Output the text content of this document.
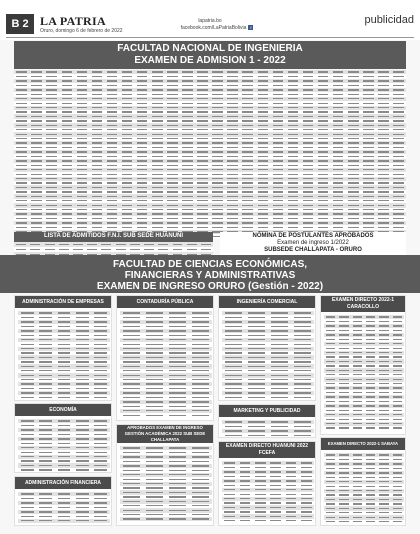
B 2 LA PATRIA
Oruro, domingo 6 de febrero de 2022
lapatria.bo
facebook.com/LaPatriaBolivia f
publicidad
FACULTAD NACIONAL DE INGENIERIA
EXAMEN DE ADMISION 1 - 2022
LISTA DE ADMITIDOS F.N.I. SUB SEDE HUANUNI	NÓMINA DE POSTULANTES APROBADOS
Examen de ingreso 1/2022
SUBSEDE CHALLAPATA - ORURO
FACULTAD DE CIENCIAS ECONÓMICAS,
FINANCIERAS Y ADMINISTRATIVAS
EXAMEN DE INGRESO ORURO (Gestión - 2022)
ADMINISTRACIÓN DE EMPRESAS
ECONOMÍA
ADMINISTRACIÓN FINANCIERA
CONTADURÍA PÚBLICA
APROBADOS EXAMEN DE INGRESO GESTIÓN ACADÉMICA 2022 SUB SEDE CHALLAPATA
INGENIERÍA COMERCIAL
MARKETING Y PUBLICIDAD
EXAMEN DIRECTO HUANUNI 2022 FCEFA
EXAMEN DIRECTO 2022-1 CARACOLLO
EXAMEN DIRECTO 2022-1 SABAYA
